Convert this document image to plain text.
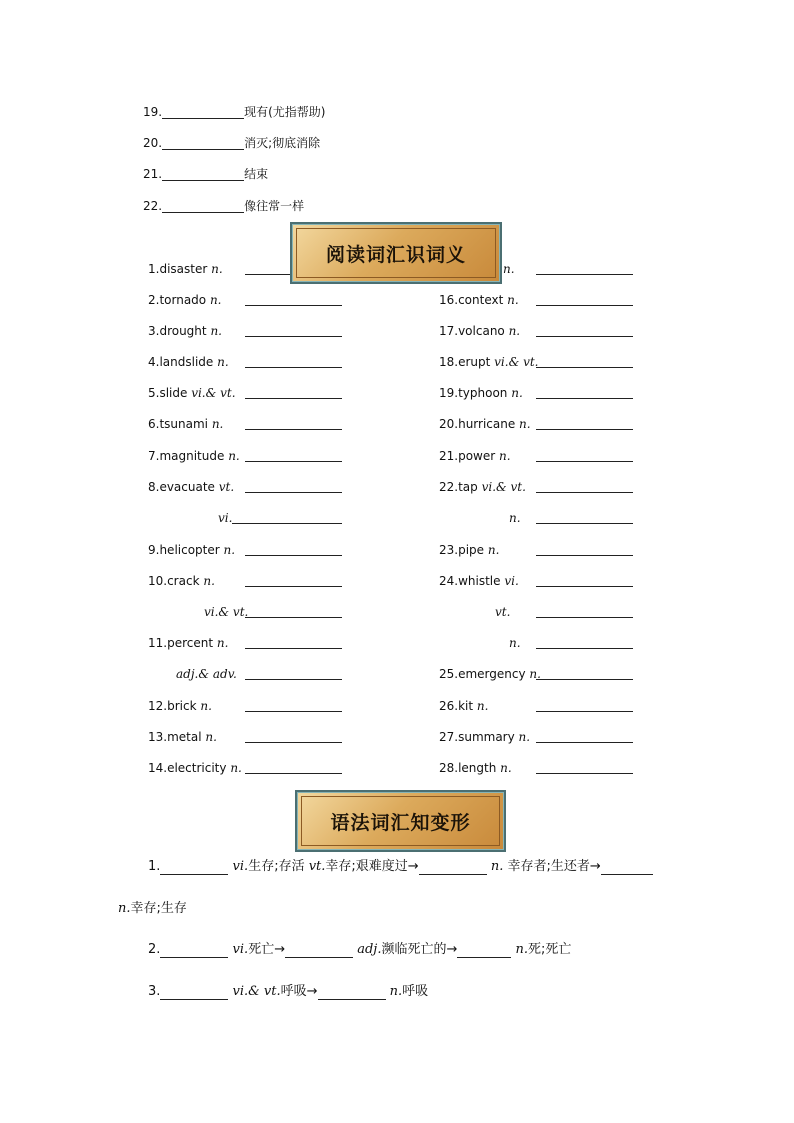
19.	现有(尤指帮助)
20.	消灭;彻底消除
21.	结束
22.	像往常一样
1.disaster n.
2.tornado n.
3.drought n.
4.landslide n.
5.slide vi.& vt.
6.tsunami n.
7.magnitude n.
8.evacuate vt.
vi.
9.helicopter n.
10.crack n.
vi.& vt.
11.percent n.
adj.& adv.
12.brick n.
13.metal n.
14.electricity n.
n.
16.context n.
17.volcano n.
18.erupt vi.& vt.
19.typhoon n.
20.hurricane n.
21.power n.
22.tap vi.& vt.
n.
23.pipe n.
24.whistle vi.
vt.
n.
25.emergency n.
26.kit n.
27.summary n.
28.length n.
阅读词汇识词义
语法词汇知变形
1.	vi.生存;存活 vt.幸存;艰难度过→	n. 幸存者;生还者→
n.幸存;生存
2.	vi.死亡→	adj.濒临死亡的→	n.死;死亡
3.	vi.& vt.呼吸→	n.呼吸
